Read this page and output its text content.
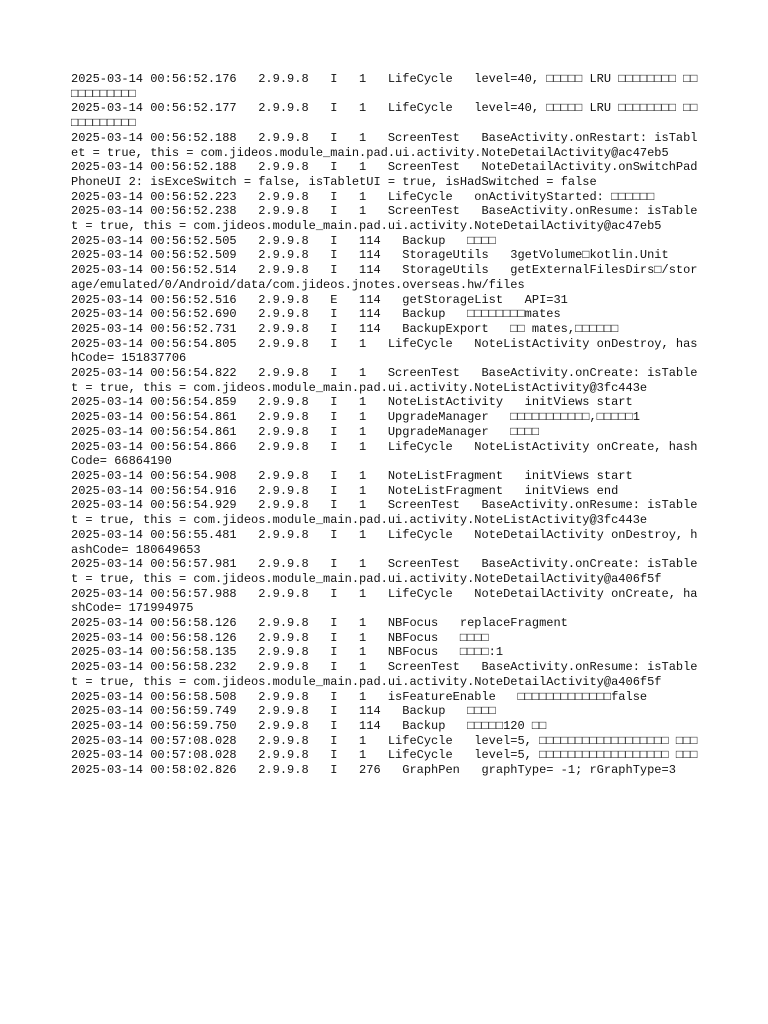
2025-03-14 00:56:52.176   2.9.9.8   I   1   LifeCycle   level=40, □□□□□ LRU □□□□□□□□ □□□□□□□□□□□
2025-03-14 00:56:52.177   2.9.9.8   I   1   LifeCycle   level=40, □□□□□ LRU □□□□□□□□ □□□□□□□□□□□
2025-03-14 00:56:52.188   2.9.9.8   I   1   ScreenTest   BaseActivity.onRestart: isTablet = true, this = com.jideos.module_main.pad.ui.activity.NoteDetailActivity@ac47eb5
2025-03-14 00:56:52.188   2.9.9.8   I   1   ScreenTest   NoteDetailActivity.onSwitchPadPhoneUI 2: isExceSwitch = false, isTabletUI = true, isHadSwitched = false
2025-03-14 00:56:52.223   2.9.9.8   I   1   LifeCycle   onActivityStarted: □□□□□□
2025-03-14 00:56:52.238   2.9.9.8   I   1   ScreenTest   BaseActivity.onResume: isTablet = true, this = com.jideos.module_main.pad.ui.activity.NoteDetailActivity@ac47eb5
2025-03-14 00:56:52.505   2.9.9.8   I   114   Backup   □□□□
2025-03-14 00:56:52.509   2.9.9.8   I   114   StorageUtils   3getVolume□kotlin.Unit
2025-03-14 00:56:52.514   2.9.9.8   I   114   StorageUtils   getExternalFilesDirs□/storage/emulated/0/Android/data/com.jideos.jnotes.overseas.hw/files
2025-03-14 00:56:52.516   2.9.9.8   E   114   getStorageList   API=31
2025-03-14 00:56:52.690   2.9.9.8   I   114   Backup   □□□□□□□□mates
2025-03-14 00:56:52.731   2.9.9.8   I   114   BackupExport   □□ mates,□□□□□□
2025-03-14 00:56:54.805   2.9.9.8   I   1   LifeCycle   NoteListActivity onDestroy, hashCode= 151837706
2025-03-14 00:56:54.822   2.9.9.8   I   1   ScreenTest   BaseActivity.onCreate: isTablet = true, this = com.jideos.module_main.pad.ui.activity.NoteListActivity@3fc443e
2025-03-14 00:56:54.859   2.9.9.8   I   1   NoteListActivity   initViews start
2025-03-14 00:56:54.861   2.9.9.8   I   1   UpgradeManager   □□□□□□□□□□□,□□□□□1
2025-03-14 00:56:54.861   2.9.9.8   I   1   UpgradeManager   □□□□
2025-03-14 00:56:54.866   2.9.9.8   I   1   LifeCycle   NoteListActivity onCreate, hashCode= 66864190
2025-03-14 00:56:54.908   2.9.9.8   I   1   NoteListFragment   initViews start
2025-03-14 00:56:54.916   2.9.9.8   I   1   NoteListFragment   initViews end
2025-03-14 00:56:54.929   2.9.9.8   I   1   ScreenTest   BaseActivity.onResume: isTablet = true, this = com.jideos.module_main.pad.ui.activity.NoteListActivity@3fc443e
2025-03-14 00:56:55.481   2.9.9.8   I   1   LifeCycle   NoteDetailActivity onDestroy, hashCode= 180649653
2025-03-14 00:56:57.981   2.9.9.8   I   1   ScreenTest   BaseActivity.onCreate: isTablet = true, this = com.jideos.module_main.pad.ui.activity.NoteDetailActivity@a406f5f
2025-03-14 00:56:57.988   2.9.9.8   I   1   LifeCycle   NoteDetailActivity onCreate, hashCode= 171994975
2025-03-14 00:56:58.126   2.9.9.8   I   1   NBFocus   replaceFragment
2025-03-14 00:56:58.126   2.9.9.8   I   1   NBFocus   □□□□
2025-03-14 00:56:58.135   2.9.9.8   I   1   NBFocus   □□□□:1
2025-03-14 00:56:58.232   2.9.9.8   I   1   ScreenTest   BaseActivity.onResume: isTablet = true, this = com.jideos.module_main.pad.ui.activity.NoteDetailActivity@a406f5f
2025-03-14 00:56:58.508   2.9.9.8   I   1   isFeatureEnable   □□□□□□□□□□□□□false
2025-03-14 00:56:59.749   2.9.9.8   I   114   Backup   □□□□
2025-03-14 00:56:59.750   2.9.9.8   I   114   Backup   □□□□□120 □□
2025-03-14 00:57:08.028   2.9.9.8   I   1   LifeCycle   level=5, □□□□□□□□□□□□□□□□□□ □□□
2025-03-14 00:57:08.028   2.9.9.8   I   1   LifeCycle   level=5, □□□□□□□□□□□□□□□□□□ □□□
2025-03-14 00:58:02.826   2.9.9.8   I   276   GraphPen   graphType= -1; rGraphType=3
